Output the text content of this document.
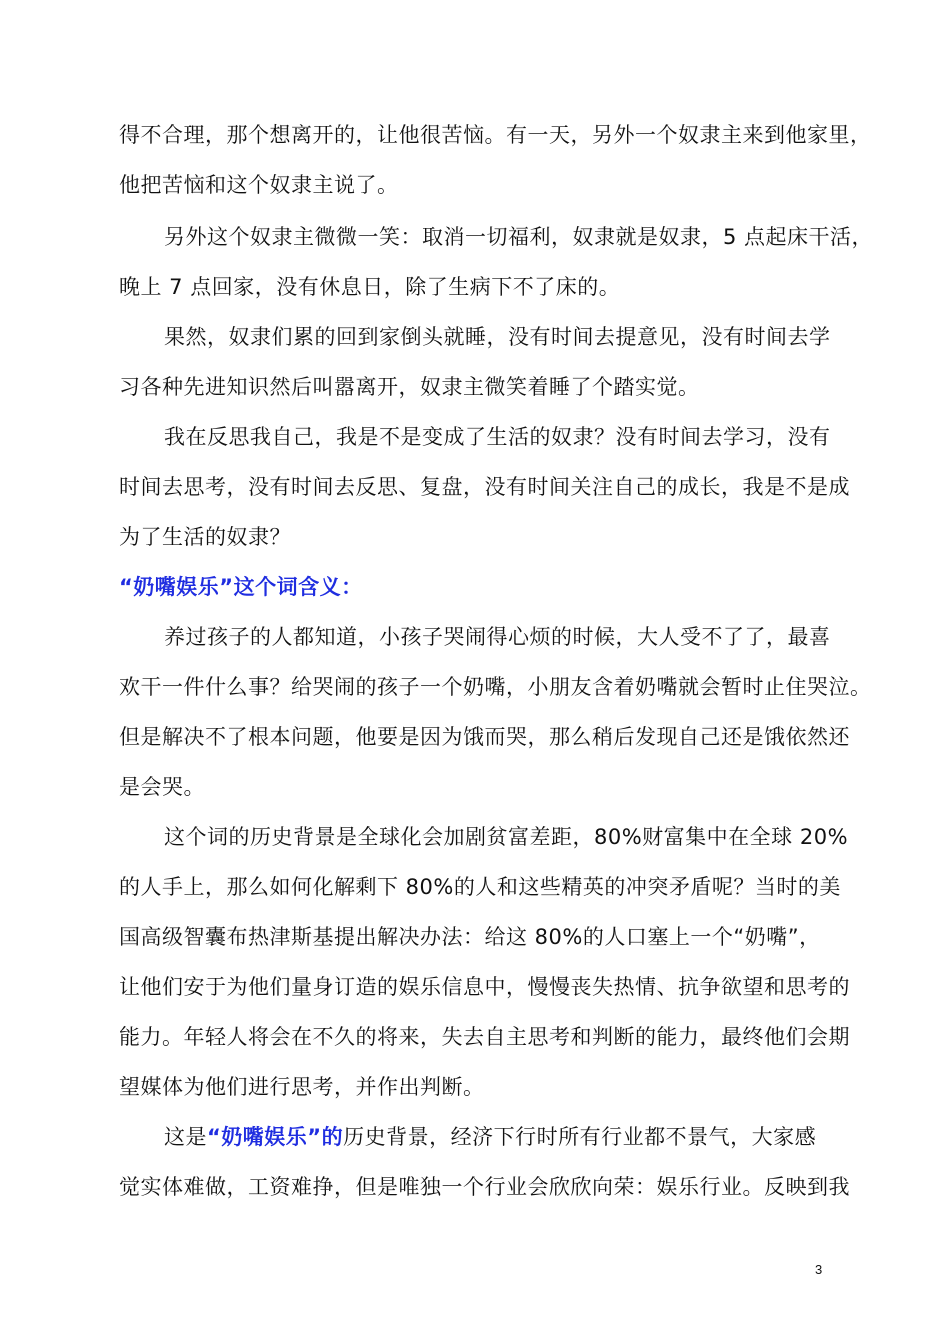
得不合理，那个想离开的，让他很苦恼。有一天，另外一个奴隶主来到他家里，
他把苦恼和这个奴隶主说了。
另外这个奴隶主微微一笑：取消一切福利，奴隶就是奴隶，5 点起床干活，
晚上 7 点回家，没有休息日，除了生病下不了床的。
果然，奴隶们累的回到家倒头就睡，没有时间去提意见，没有时间去学
习各种先进知识然后叫嚣离开，奴隶主微笑着睡了个踏实觉。
我在反思我自己，我是不是变成了生活的奴隶？没有时间去学习，没有
时间去思考，没有时间去反思、复盘，没有时间关注自己的成长，我是不是成
为了生活的奴隶？
“奶嘴娱乐”这个词含义：
养过孩子的人都知道，小孩子哭闹得心烦的时候，大人受不了了，最喜
欢干一件什么事？给哭闹的孩子一个奶嘴，小朋友含着奶嘴就会暂时止住哭泣。
但是解决不了根本问题，他要是因为饿而哭，那么稍后发现自己还是饿依然还
是会哭。
这个词的历史背景是全球化会加剧贫富差距，80%财富集中在全球 20%
的人手上，那么如何化解剩下 80%的人和这些精英的冲突矛盾呢？当时的美
国高级智囊布热津斯基提出解决办法：给这 80%的人口塞上一个“奶嘴”，
让他们安于为他们量身订造的娱乐信息中，慢慢丧失热情、抗争欲望和思考的
能力。年轻人将会在不久的将来，失去自主思考和判断的能力，最终他们会期
望媒体为他们进行思考，并作出判断。
这是“奶嘴娱乐”的历史背景，经济下行时所有行业都不景气，大家感
觉实体难做，工资难挣，但是唯独一个行业会欣欣向荣：娱乐行业。反映到我
3
